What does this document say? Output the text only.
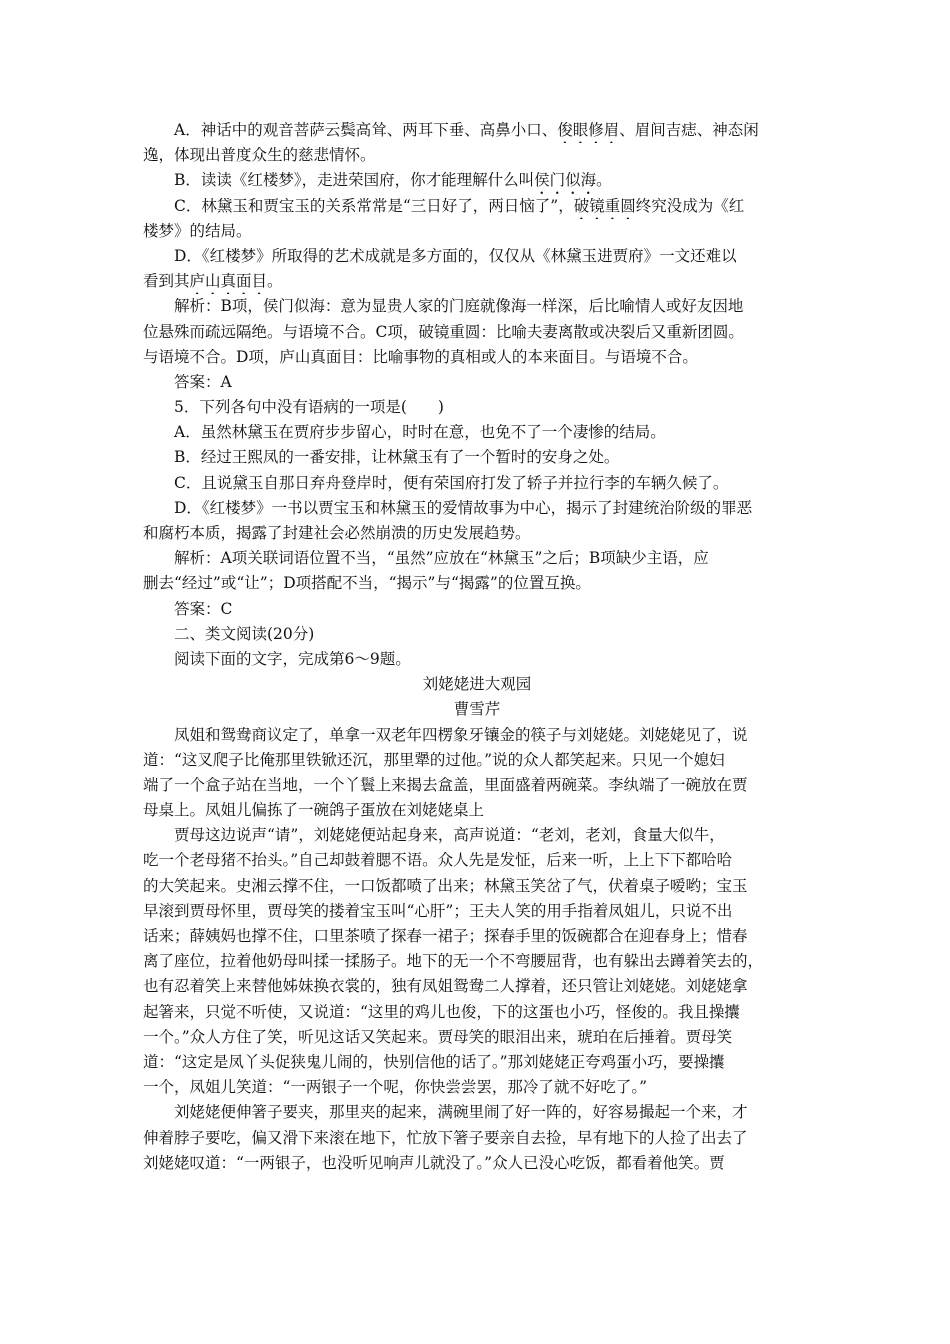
A．神话中的观音菩萨云鬓高耸、两耳下垂、高鼻小口、俊眼修眉、眉间吉痣、神态闲
逸，体现出普度众生的慈悲情怀。
B．读读《红楼梦》，走进荣国府，你才能理解什么叫侯门似海。
C．林黛玉和贾宝玉的关系常常是“三日好了，两日恼了”，破镜重圆终究没成为《红
楼梦》的结局。
D．《红楼梦》所取得的艺术成就是多方面的，仅仅从《林黛玉进贾府》一文还难以
看到其庐山真面目。
解析：B项，侯门似海：意为显贵人家的门庭就像海一样深，后比喻情人或好友因地
位悬殊而疏远隔绝。与语境不合。C项，破镜重圆：比喻夫妻离散或决裂后又重新团圆。
与语境不合。D项，庐山真面目：比喻事物的真相或人的本来面目。与语境不合。
答案：A
5．下列各句中没有语病的一项是(　　)
A．虽然林黛玉在贾府步步留心，时时在意，也免不了一个凄惨的结局。
B．经过王熙凤的一番安排，让林黛玉有了一个暂时的安身之处。
C．且说黛玉自那日弃舟登岸时，便有荣国府打发了轿子并拉行李的车辆久候了。
D．《红楼梦》一书以贾宝玉和林黛玉的爱情故事为中心，揭示了封建统治阶级的罪恶
和腐朽本质，揭露了封建社会必然崩溃的历史发展趋势。
解析：A项关联词语位置不当，“虽然”应放在“林黛玉”之后；B项缺少主语，应
删去“经过”或“让”；D项搭配不当，“揭示”与“揭露”的位置互换。
答案：C
二、类文阅读(20分)
阅读下面的文字，完成第6～9题。
刘姥姥进大观园
曹雪芹
凤姐和鸳鸯商议定了，单拿一双老年四楞象牙镶金的筷子与刘姥姥。刘姥姥见了，说
道：“这叉爬子比俺那里铁锨还沉，那里犟的过他。”说的众人都笑起来。只见一个媳妇
端了一个盒子站在当地，一个丫鬟上来揭去盒盖，里面盛着两碗菜。李纨端了一碗放在贾
母桌上。凤姐儿偏拣了一碗鸽子蛋放在刘姥姥桌上
贾母这边说声“请”，刘姥姥便站起身来，高声说道：“老刘，老刘，食量大似牛，
吃一个老母猪不抬头。”自己却鼓着腮不语。众人先是发怔，后来一听，上上下下都哈哈
的大笑起来。史湘云撑不住，一口饭都喷了出来；林黛玉笑岔了气，伏着桌子嗳哟；宝玉
早滚到贾母怀里，贾母笑的搂着宝玉叫“心肝”；王夫人笑的用手指着凤姐儿，只说不出
话来；薛姨妈也撑不住，口里茶喷了探春一裙子；探春手里的饭碗都合在迎春身上；惜春
离了座位，拉着他奶母叫揉一揉肠子。地下的无一个不弯腰屈背，也有躲出去蹲着笑去的，
也有忍着笑上来替他姊妹换衣裳的，独有凤姐鸳鸯二人撑着，还只管让刘姥姥。刘姥姥拿
起箸来，只觉不听使，又说道：“这里的鸡儿也俊，下的这蛋也小巧，怪俊的。我且操攮
一个。”众人方住了笑，听见这话又笑起来。贾母笑的眼泪出来，琥珀在后捶着。贾母笑
道：“这定是凤丫头促狭鬼儿闹的，快别信他的话了。”那刘姥姥正夸鸡蛋小巧，要操攮
一个，凤姐儿笑道：“一两银子一个呢，你快尝尝罢，那冷了就不好吃了。”
刘姥姥便伸箸子要夹，那里夹的起来，满碗里闹了好一阵的，好容易撮起一个来，才
伸着脖子要吃，偏又滑下来滚在地下，忙放下箸子要亲自去捡，早有地下的人捡了出去了
刘姥姥叹道：“一两银子，也没听见响声儿就没了。”众人已没心吃饭，都看着他笑。贾
